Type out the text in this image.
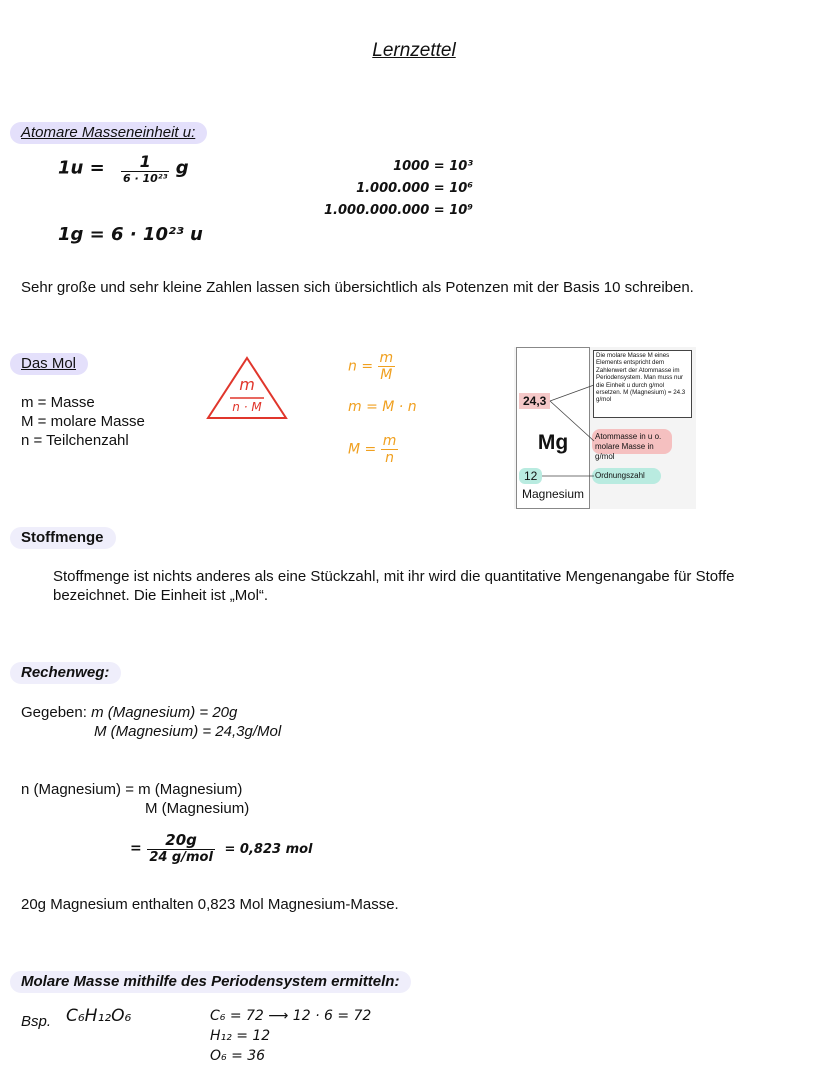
Lernzettel
Atomare Masseneinheit u:
$1u = \frac{1}{\text{6 · 10²³}}$ g
1g = 6 · 10²³ u
1000 = 10³
1.000.000 = 10⁶
1.000.000.000 = 10⁹
Sehr große und sehr kleine Zahlen lassen sich übersichtlich als Potenzen mit der Basis 10 schreiben.
Das Mol
m = Masse
M = molare Masse
n = Teilchenzahl
m
n · M
$n = \frac{m}{M}$
m = M · n
$M = \frac{m}{n}$
24,3
Mg
12
Magnesium
Die molare Masse M eines Elements entspricht dem Zahlenwert der Atommasse im Periodensystem. Man muss nur die Einheit u durch g/mol ersetzen. M (Magnesium) = 24.3 g/mol
Atommasse in u o.
molare Masse in g/mol
Ordnungszahl
Stoffmenge
Stoffmenge ist nichts anderes als eine Stückzahl, mit ihr wird die quantitative Mengenangabe für Stoffe bezeichnet. Die Einheit ist „Mol“.
Rechenweg:
Gegeben: m (Magnesium) = 20g
M (Magnesium) = 24,3g/Mol
n (Magnesium) = m (Magnesium)
M (Magnesium)
= $\frac{20g}{\text{24 g/mol}} = 0,823$ mol
20g Magnesium enthalten 0,823 Mol Magnesium-Masse.
Molare Masse mithilfe des Periodensystem ermitteln:
Bsp. C₆H₁₂O₆	C₆ = 72 ⟶ 12 · 6 = 72
H₁₂ = 12
O₆ = 36
